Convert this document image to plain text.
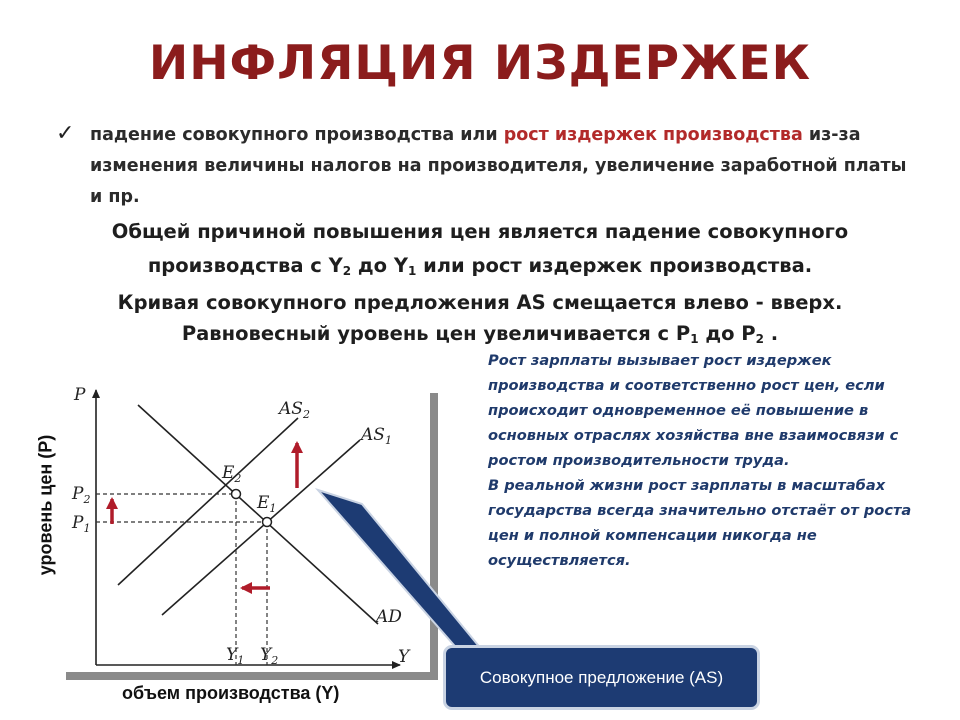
ИНФЛЯЦИЯ ИЗДЕРЖЕК
✓ падение совокупного производства или рост издержек производства из-за изменения величины налогов на производителя, увеличение заработной платы и пр.
Общей причиной повышения цен является падение совокупного
производства с $Y_2$ до $Y_1$ или рост издержек производства.
Кривая совокупного предложения AS смещается влево - вверх.
Равновесный уровень цен увеличивается с $Р_1$ до $Р_2$ .

Рост зарплаты вызывает рост издержек производства и соответственно рост цен, если происходит одновременное её повышение в основных отраслях хозяйства вне взаимосвязи с ростом производительности труда.

В реальной жизни рост зарплаты в масштабах государства всегда значительно отстаёт от роста цен и полной компенсации никогда не осуществляется.

P
Y
$AS_2$
$AS_1$
AD
$E_2$
$E_1$
$P_2$
$P_1$
$Y_1$ $Y_2$
уровень цен (Р)
объем производства (Y)
Совокупное предложение (AS)
